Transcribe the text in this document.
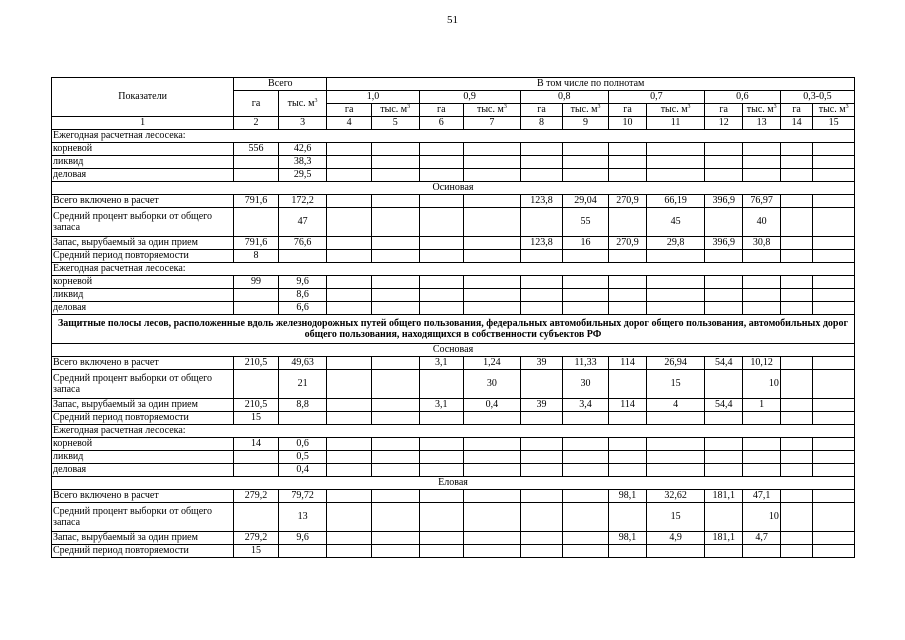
51
Показатели	Всего		В том числе по полнотам											
	га	тыс. $м^3$	1,0		0,9		0,8		0,7		0,6		0,3-0,5	
			га	тыс. $м^3$	га	тыс. $м^3$	га	тыс. $м^3$	га	тыс. $м^3$	га	тыс. $м^3$	га	тыс. $м^3$
1	2	3	4	5	6	7	8	9	10	11	12	13	14	15
Ежегодная расчетная лесосека:														
корневой	556	42,6												
ликвид		38,3												
деловая		29,5												
Осиновая														
Всего включено в расчет	791,6	172,2					123,8	29,04	270,9	66,19	396,9	76,97		
Средний процент выборки от общего запаса		47						55		45		40		
Запас, вырубаемый за один прием	791,6	76,6					123,8	16	270,9	29,8	396,9	30,8		
Средний период повторяемости	8													
Ежегодная расчетная лесосека:														
корневой	99	9,6												
ликвид		8,6												
деловая		6,6												
Защитные полосы лесов, расположенные вдоль железнодорожных путей общего пользования, федеральных автомобильных дорог общего пользования, автомобильных дорог общего пользования, находящихся в собственности субъектов РФ														
Сосновая														
Всего включено в расчет	210,5	49,63			3,1	1,24	39	11,33	114	26,94	54,4	10,12		
Средний процент выборки от общего запаса		21				30		30		15		10		
Запас, вырубаемый за один прием	210,5	8,8			3,1	0,4	39	3,4	114	4	54,4	1		
Средний период повторяемости	15													
Ежегодная расчетная лесосека:														
корневой	14	0,6												
ликвид		0,5												
деловая		0,4												
Еловая														
Всего включено в расчет	279,2	79,72							98,1	32,62	181,1	47,1		
Средний процент выборки от общего запаса		13								15		10		
Запас, вырубаемый за один прием	279,2	9,6							98,1	4,9	181,1	4,7		
Средний период повторяемости	15													
